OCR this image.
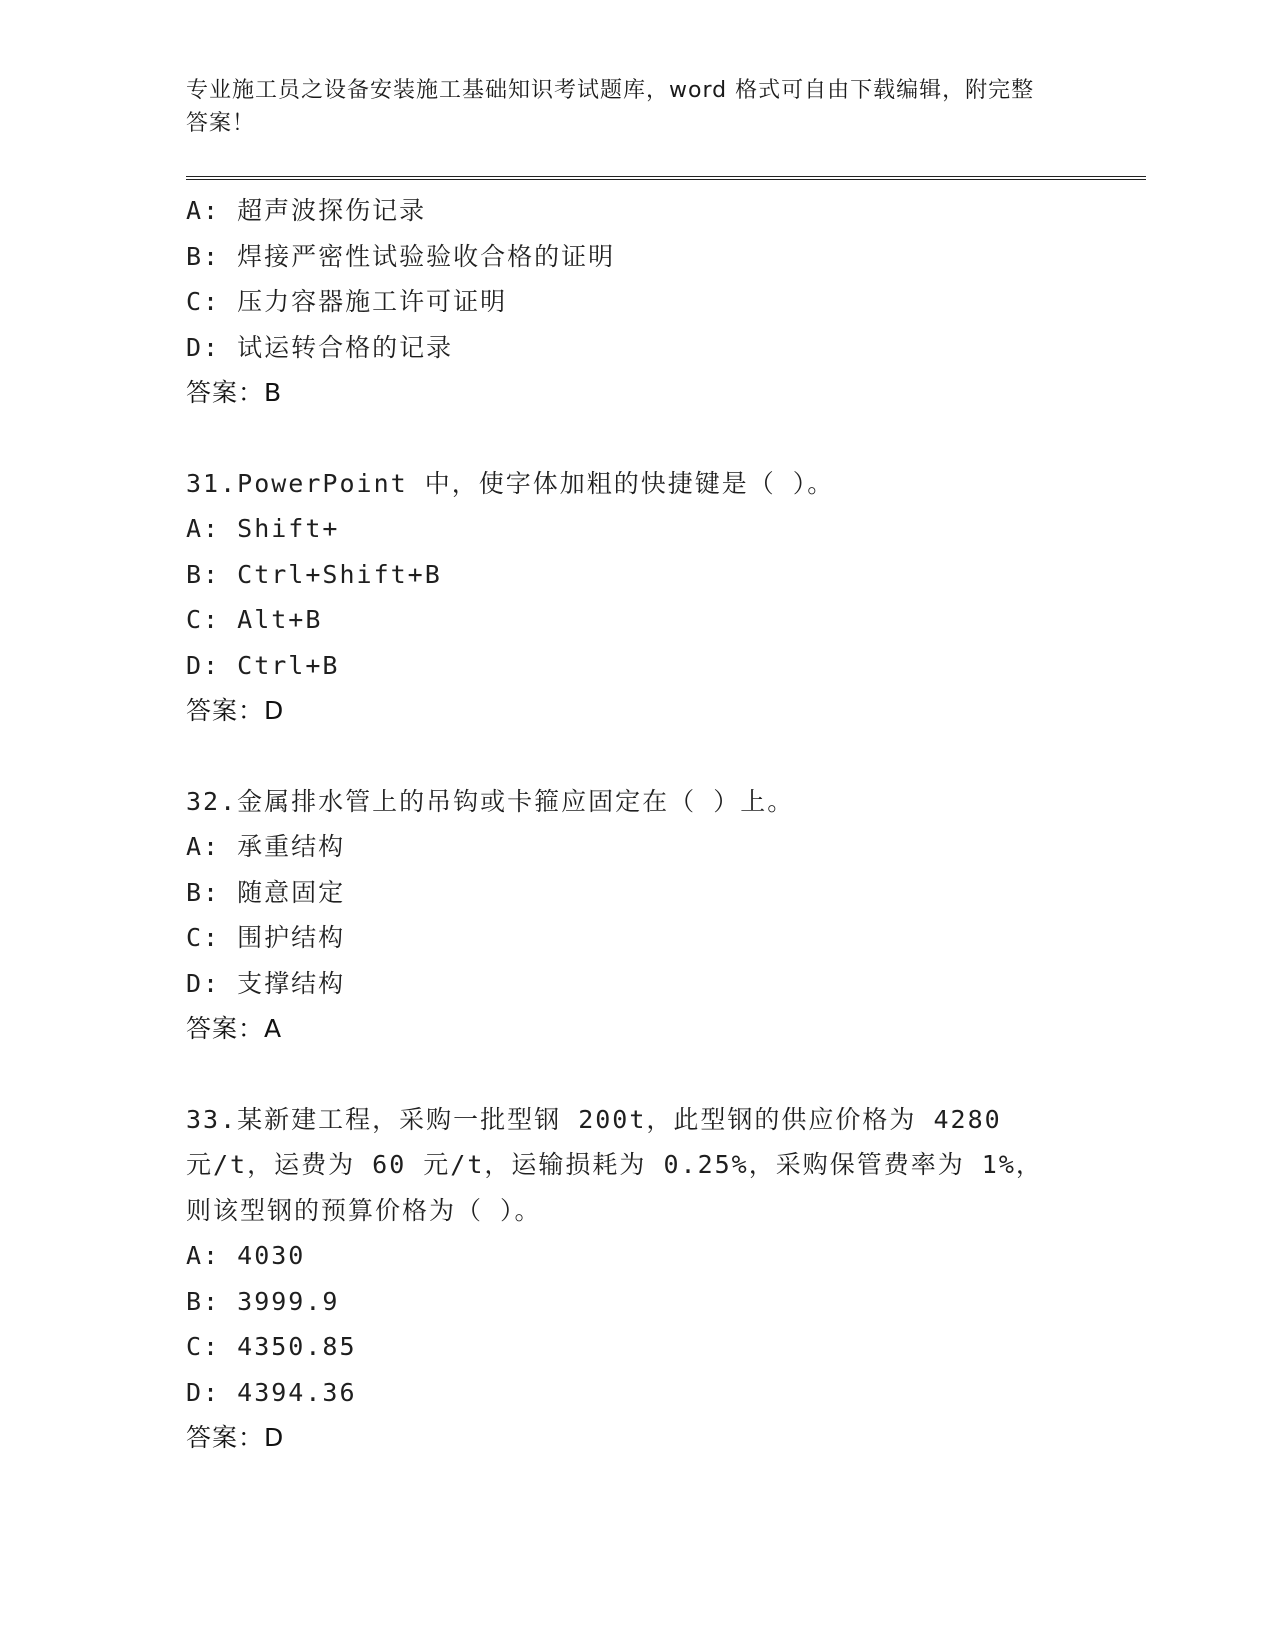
专业施工员之设备安装施工基础知识考试题库，word 格式可自由下载编辑，附完整答案！
A: 超声波探伤记录
B: 焊接严密性试验验收合格的证明
C: 压力容器施工许可证明
D: 试运转合格的记录
答案：B
31.PowerPoint 中，使字体加粗的快捷键是（ ）。
A: Shift+
B: Ctrl+Shift+B
C: Alt+B
D: Ctrl+B
答案：D
32.金属排水管上的吊钩或卡箍应固定在（ ）上。
A: 承重结构
B: 随意固定
C: 围护结构
D: 支撑结构
答案：A
33.某新建工程，采购一批型钢 200t，此型钢的供应价格为 4280 元/t，运费为 60 元/t，运输损耗为 0.25%，采购保管费率为 1%，则该型钢的预算价格为（ ）。
A: 4030
B: 3999.9
C: 4350.85
D: 4394.36
答案：D
